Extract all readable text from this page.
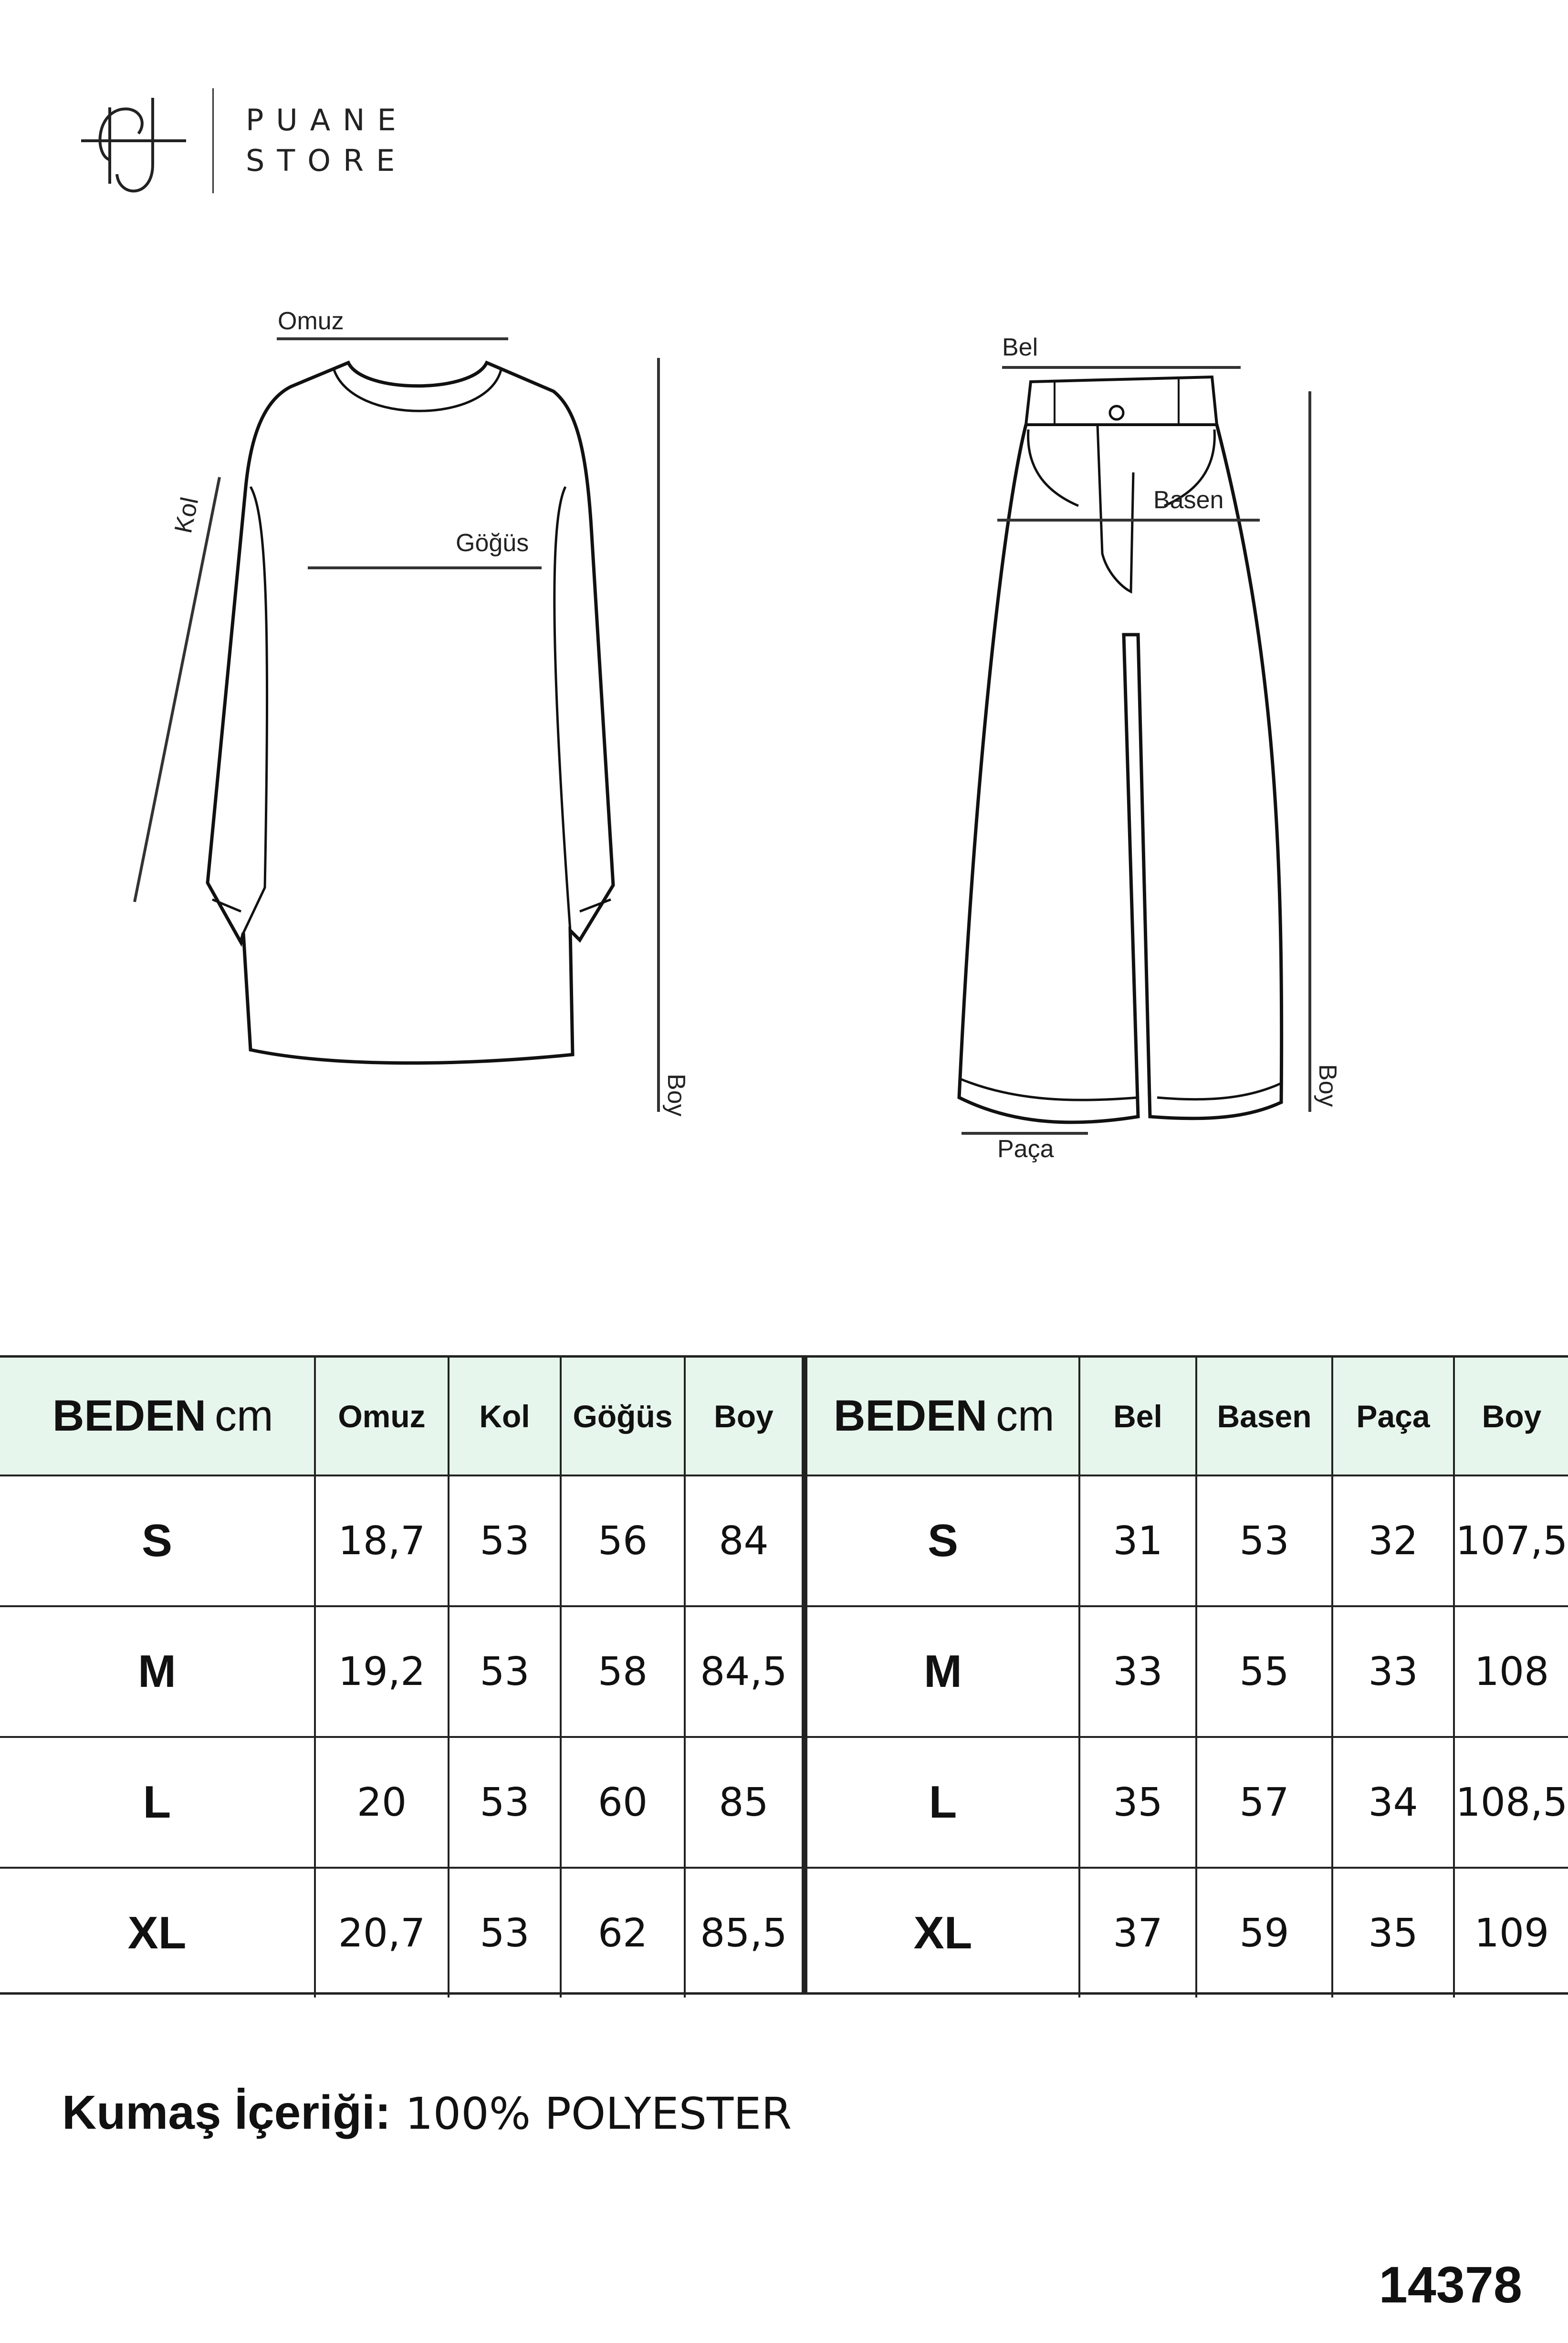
PUANE
STORE
Omuz
Göğüs
Kol
Boy
Bel
Basen
Paça
Boy
BEDEN cm	Omuz	Kol	Göğüs	Boy
S	18,7	53	56	84
M	19,2	53	58	84,5
L	20	53	60	85
XL	20,7	53	62	85,5
BEDEN cm	Bel	Basen	Paça	Boy
S	31	53	32	107,5
M	33	55	33	108
L	35	57	34	108,5
XL	37	59	35	109
Kumaş İçeriği: 100% POLYESTER
14378
